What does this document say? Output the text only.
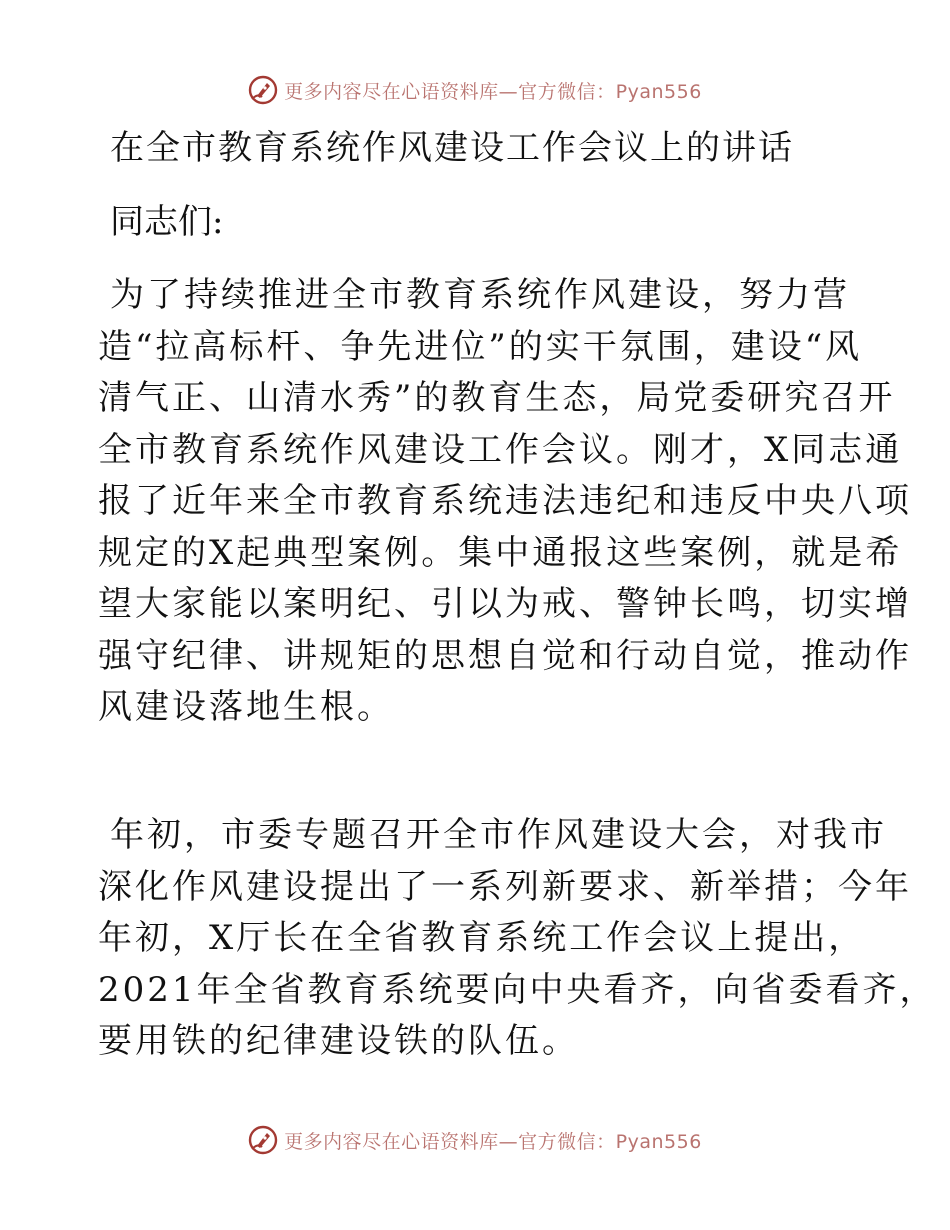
更多内容尽在心语资料库—官方微信：Pyan556
在全市教育系统作风建设工作会议上的讲话

同志们:

为了持续推进全市教育系统作风建设，努力营
造“拉高标杆、争先进位”的实干氛围，建设“风
清气正、山清水秀”的教育生态，局党委研究召开
全市教育系统作风建设工作会议。刚才，X同志通
报了近年来全市教育系统违法违纪和违反中央八项
规定的X起典型案例。集中通报这些案例，就是希
望大家能以案明纪、引以为戒、警钟长鸣，切实增
强守纪律、讲规矩的思想自觉和行动自觉，推动作
风建设落地生根。
年初，市委专题召开全市作风建设大会，对我市
深化作风建设提出了一系列新要求、新举措；今年
年初，X厅长在全省教育系统工作会议上提出，
2021年全省教育系统要向中央看齐，向省委看齐，
要用铁的纪律建设铁的队伍。
更多内容尽在心语资料库—官方微信：Pyan556
